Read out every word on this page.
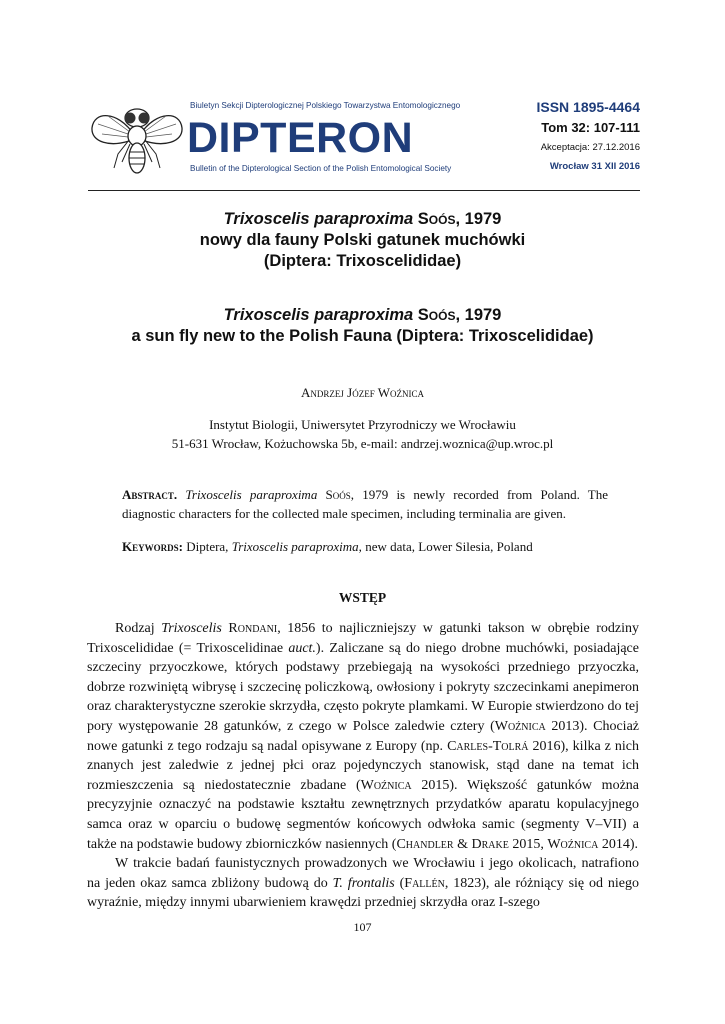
Biuletyn Sekcji Dipterologicznej Polskiego Towarzystwa Entomologicznego
DIPTERON
Bulletin of the Dipterological Section of the Polish Entomological Society
ISSN 1895-4464
Tom 32: 107-111
Akceptacja: 27.12.2016
Wrocław 31 XII 2016
Trixoscelis paraproxima Soós, 1979
nowy dla fauny Polski gatunek muchówki
(Diptera: Trixoscelididae)
Trixoscelis paraproxima Soós, 1979
a sun fly new to the Polish Fauna (Diptera: Trixoscelididae)
Andrzej Józef Woźnica
Instytut Biologii, Uniwersytet Przyrodniczy we Wrocławiu
51-631 Wrocław, Kożuchowska 5b, e-mail: andrzej.woznica@up.wroc.pl
Abstract. Trixoscelis paraproxima Soós, 1979 is newly recorded from Poland. The diagnostic characters for the collected male specimen, including terminalia are given.
Keywords: Diptera, Trixoscelis paraproxima, new data, Lower Silesia, Poland
WSTĘP

Rodzaj Trixoscelis Rondani, 1856 to najliczniejszy w gatunki takson w obrębie rodziny Trixoscelididae (= Trixoscelidinae auct.). Zaliczane są do niego drobne muchówki, posiadające szczeciny przyoczkowe, których podstawy przebiegają na wysokości przedniego przyoczka, dobrze rozwiniętą wibrysę i szczecinę policzkową, owłosiony i pokryty szczecinkami anepimeron oraz charakterystyczne szerokie skrzydła, często pokryte plamkami. W Europie stwierdzono do tej pory występowanie 28 gatunków, z czego w Polsce zaledwie cztery (Woźnica 2013). Chociaż nowe gatunki z tego rodzaju są nadal opisywane z Europy (np. Carles-Tolrá 2016), kilka z nich znanych jest zaledwie z jednej płci oraz pojedynczych stanowisk, stąd dane na temat ich rozmieszczenia są niedostatecznie zbadane (Woźnica 2015). Większość gatunków można precyzyjnie oznaczyć na podstawie kształtu zewnętrznych przydatków aparatu kopulacyjnego samca oraz w oparciu o budowę segmentów końcowych odwłoka samic (segmenty V–VII) a także na podstawie budowy zbiorniczków nasiennych (Chandler & Drake 2015, Woźnica 2014).

W trakcie badań faunistycznych prowadzonych we Wrocławiu i jego okolicach, natrafiono na jeden okaz samca zbliżony budową do T. frontalis (Fallén, 1823), ale różniący się od niego wyraźnie, między innymi ubarwieniem krawędzi przedniej skrzydła oraz I-szego

107
